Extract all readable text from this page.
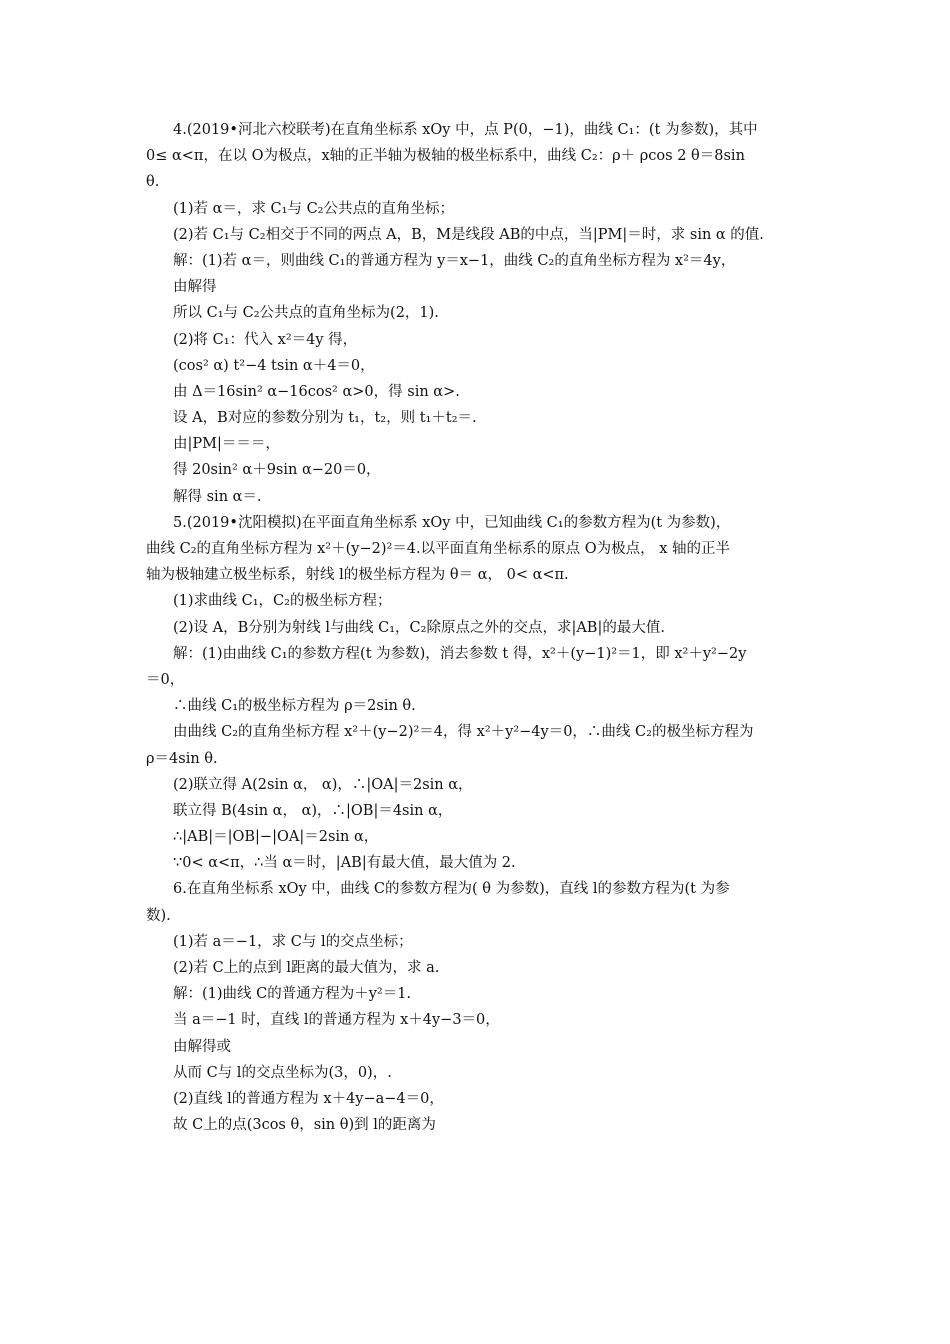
4.(2019•河北六校联考)在直角坐标系 xOy 中，点 P(0，−1)，曲线 C₁：(t 为参数)，其中
0≤ α<π，在以 O为极点，x轴的正半轴为极轴的极坐标系中，曲线 C₂：ρ＋ ρcos 2 θ＝8sin
θ.
(1)若 α＝，求 C₁与 C₂公共点的直角坐标；
(2)若 C₁与 C₂相交于不同的两点 A，B，M是线段 AB的中点，当|PM|＝时，求 sin α 的值.
解：(1)若 α＝，则曲线 C₁的普通方程为 y＝x−1，曲线 C₂的直角坐标方程为 x²＝4y，
由解得
所以 C₁与 C₂公共点的直角坐标为(2，1).
(2)将 C₁：代入 x²＝4y 得，
(cos² α) t²−4 tsin α＋4＝0，
由 Δ＝16sin² α−16cos² α>0，得 sin α>.
设 A，B对应的参数分别为 t₁，t₂，则 t₁＋t₂＝.
由|PM|＝＝＝，
得 20sin² α＋9sin α−20＝0，
解得 sin α＝.
5.(2019•沈阳模拟)在平面直角坐标系 xOy 中，已知曲线 C₁的参数方程为(t 为参数)，
曲线 C₂的直角坐标方程为 x²＋(y−2)²＝4.以平面直角坐标系的原点 O为极点， x 轴的正半
轴为极轴建立极坐标系，射线 l的极坐标方程为 θ＝ α， 0< α<π.
(1)求曲线 C₁，C₂的极坐标方程；
(2)设 A，B分别为射线 l与曲线 C₁，C₂除原点之外的交点，求|AB|的最大值.
解：(1)由曲线 C₁的参数方程(t 为参数)，消去参数 t 得，x²＋(y−1)²＝1，即 x²＋y²−2y
＝0，
∴曲线 C₁的极坐标方程为 ρ＝2sin θ.
由曲线 C₂的直角坐标方程 x²＋(y−2)²＝4，得 x²＋y²−4y＝0，∴曲线 C₂的极坐标方程为
ρ＝4sin θ.
(2)联立得 A(2sin α， α)，∴|OA|＝2sin α，
联立得 B(4sin α， α)，∴|OB|＝4sin α，
∴|AB|＝|OB|−|OA|＝2sin α，
∵0< α<π，∴当 α＝时，|AB|有最大值，最大值为 2.
6.在直角坐标系 xOy 中，曲线 C的参数方程为( θ 为参数)，直线 l的参数方程为(t 为参
数).
(1)若 a＝−1，求 C与 l的交点坐标；
(2)若 C上的点到 l距离的最大值为，求 a.
解：(1)曲线 C的普通方程为＋y²＝1.
当 a＝−1 时，直线 l的普通方程为 x＋4y−3＝0，
由解得或
从而 C与 l的交点坐标为(3，0)，.
(2)直线 l的普通方程为 x＋4y−a−4＝0，
故 C上的点(3cos θ，sin θ)到 l的距离为
